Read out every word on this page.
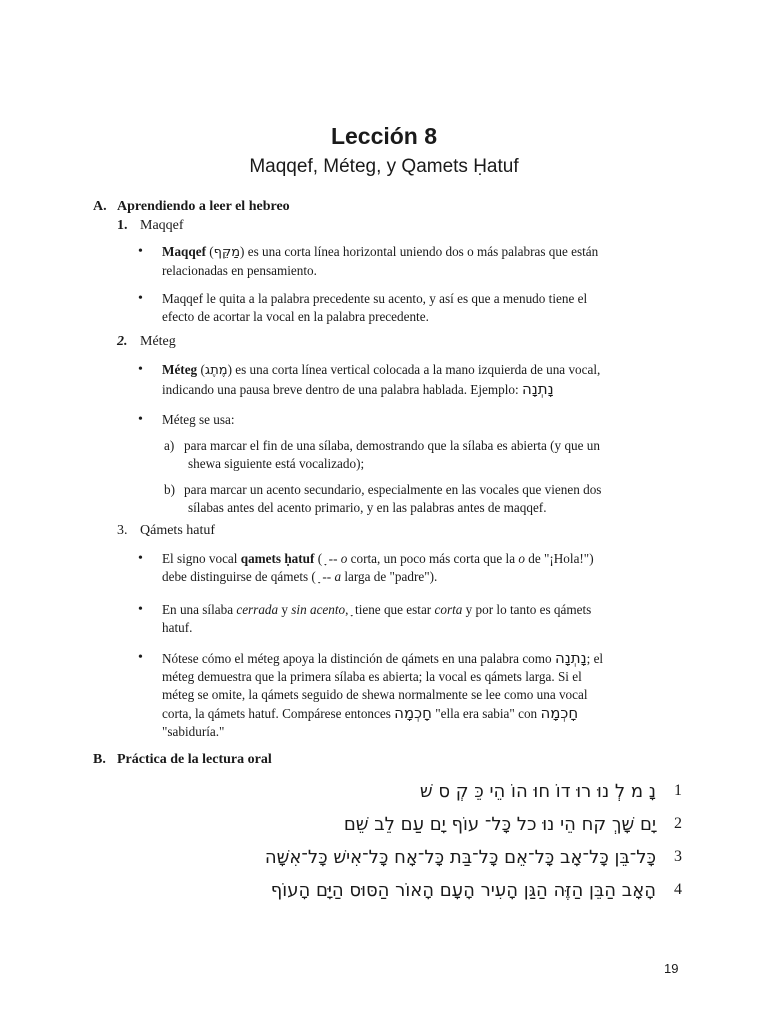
Lección 8
Maqqef, Méteg, y Qamets Ḥatuf
A. Aprendiendo a leer el hebreo
1. Maqqef
• Maqqef (מַקֵּף) es una corta línea horizontal uniendo dos o más palabras que están
relacionadas en pensamiento.
• Maqqef le quita a la palabra precedente su acento, y así es que a menudo tiene el
efecto de acortar la vocal en la palabra precedente.
2. Méteg
• Méteg (מֶתֶג) es una corta línea vertical colocada a la mano izquierda de una vocal,
indicando una pausa breve dentro de una palabra hablada. Ejemplo: נָתְנָה
• Méteg se usa:
a) para marcar el fin de una sílaba, demostrando que la sílaba es abierta (y que un
shewa siguiente está vocalizado);
b) para marcar un acento secundario, especialmente en las vocales que vienen dos
sílabas antes del acento primario, y en las palabras antes de maqqef.
3. Qámets hatuf
• El signo vocal qamets ḥatuf ( ָ -- o corta, un poco más corta que la o de "¡Hola!")
debe distinguirse de qámets ( ָ -- a larga de "padre").
• En una sílaba cerrada y sin acento, ָ tiene que estar corta y por lo tanto es qámets
hatuf.
• Nótese cómo el méteg apoya la distinción de qámets en una palabra como נָתְנָה; el
méteg demuestra que la primera sílaba es abierta; la vocal es qámets larga. Si el
méteg se omite, la qámets seguido de shewa normalmente se lee como una vocal
corta, la qámets hatuf. Compárese entonces חָכְמָה "ella era sabia" con חָכְמָה
"sabiduría."
B. Práctica de la lectura oral
נָ מ לְ נוּ רוּ דוֹ חוּ הוֹ הֵי כֵּ קְ ס שׁ 1
יָם שָׁךְ קח הֵי נוּ כל כָּל־ עוֹף יָם עַם לֵב שֵׁם 2
כָּל־בֵּן כָּל־אָב כָּל־אֵם כָּל־בַּת כָּל־אָח כָּל־אִישׁ כָּל־אִשָּׁה 3
הָאָב הַבֵּן הַזֶּה הַגַּן הָעִיר הָעָם הָאוֹר הַסּוּס הַיָּם הָעוֹף 4
19
